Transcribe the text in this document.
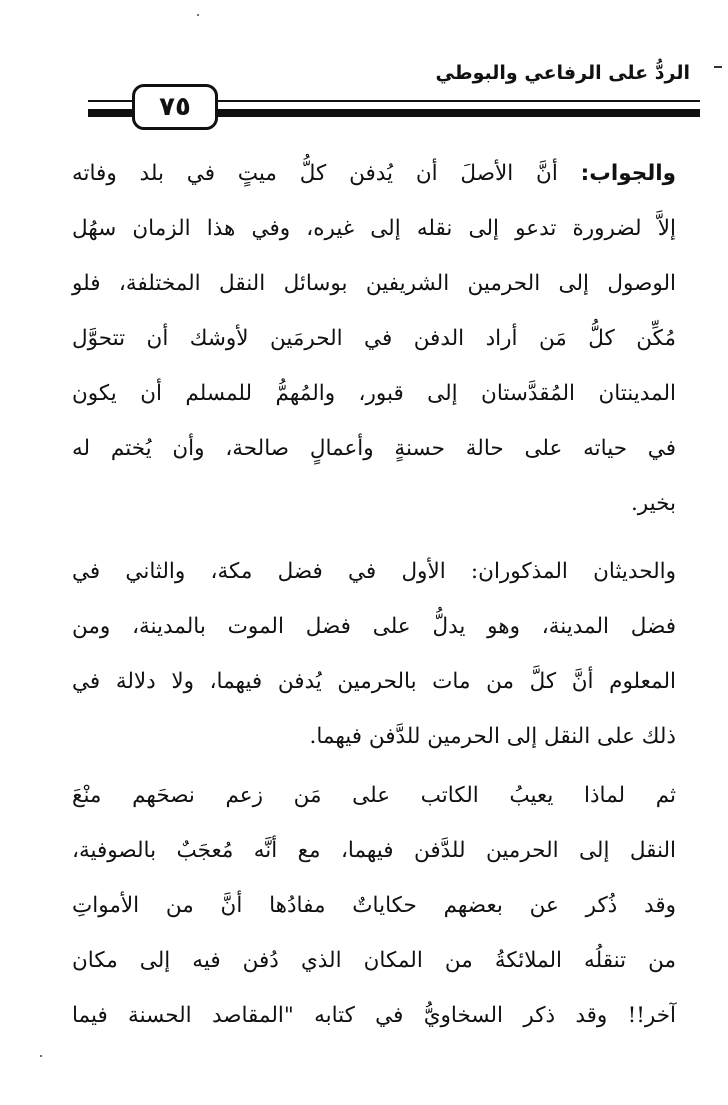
الردُّ على الرفاعي والبوطي
٧٥
والجواب: أنَّ الأصلَ أن يُدفن كلُّ ميتٍ في بلد وفاته
إلاَّ لضرورة تدعو إلى نقله إلى غيره، وفي هذا الزمان سهُل
الوصول إلى الحرمين الشريفين بوسائل النقل المختلفة، فلو
مُكِّن كلُّ مَن أراد الدفن في الحرمَين لأوشك أن تتحوَّل
المدينتان المُقدَّستان إلى قبور، والمُهمُّ للمسلم أن يكون
في حياته على حالة حسنةٍ وأعمالٍ صالحة، وأن يُختم له
بخير.
والحديثان المذكوران: الأول في فضل مكة، والثاني في
فضل المدينة، وهو يدلُّ على فضل الموت بالمدينة، ومن
المعلوم أنَّ كلَّ من مات بالحرمين يُدفن فيهما، ولا دلالة في
ذلك على النقل إلى الحرمين للدَّفن فيهما.
ثم لماذا يعيبُ الكاتب على مَن زعم نصحَهم منْعَ
النقل إلى الحرمين للدَّفن فيهما، مع أنَّه مُعجَبٌ بالصوفية،
وقد ذُكر عن بعضهم حكاياتٌ مفادُها أنَّ من الأمواتِ
من تنقلُه الملائكةُ من المكان الذي دُفن فيه إلى مكان
آخر!! وقد ذكر السخاويُّ في كتابه "المقاصد الحسنة فيما
